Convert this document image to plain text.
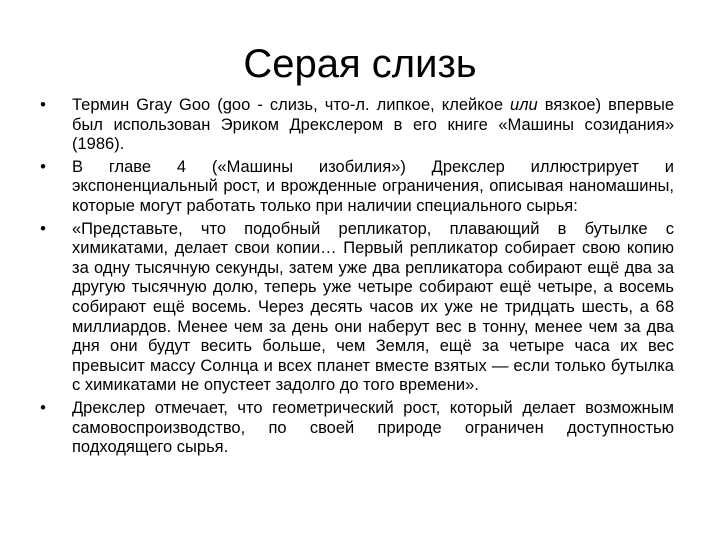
Серая слизь
• Термин Gray Goo (goo - слизь, что-л. липкое, клейкое или вязкое) впервые был использован Эриком Дрекслером в его книге «Машины созидания» (1986).
• В главе 4 («Машины изобилия») Дрекслер иллюстрирует и экспоненциальный рост, и врожденные ограничения, описывая наномашины, которые могут работать только при наличии специального сырья:
• «Представьте, что подобный репликатор, плавающий в бутылке с химикатами, делает свои копии… Первый репликатор собирает свою копию за одну тысячную секунды, затем уже два репликатора собирают ещё два за другую тысячную долю, теперь уже четыре собирают ещё четыре, а восемь собирают ещё восемь. Через десять часов их уже не тридцать шесть, а 68 миллиардов. Менее чем за день они наберут вес в тонну, менее чем за два дня они будут весить больше, чем Земля, ещё за четыре часа их вес превысит массу Солнца и всех планет вместе взятых — если только бутылка с химикатами не опустеет задолго до того времени».
• Дрекслер отмечает, что геометрический рост, который делает возможным самовоспроизводство, по своей природе ограничен доступностью подходящего сырья.
